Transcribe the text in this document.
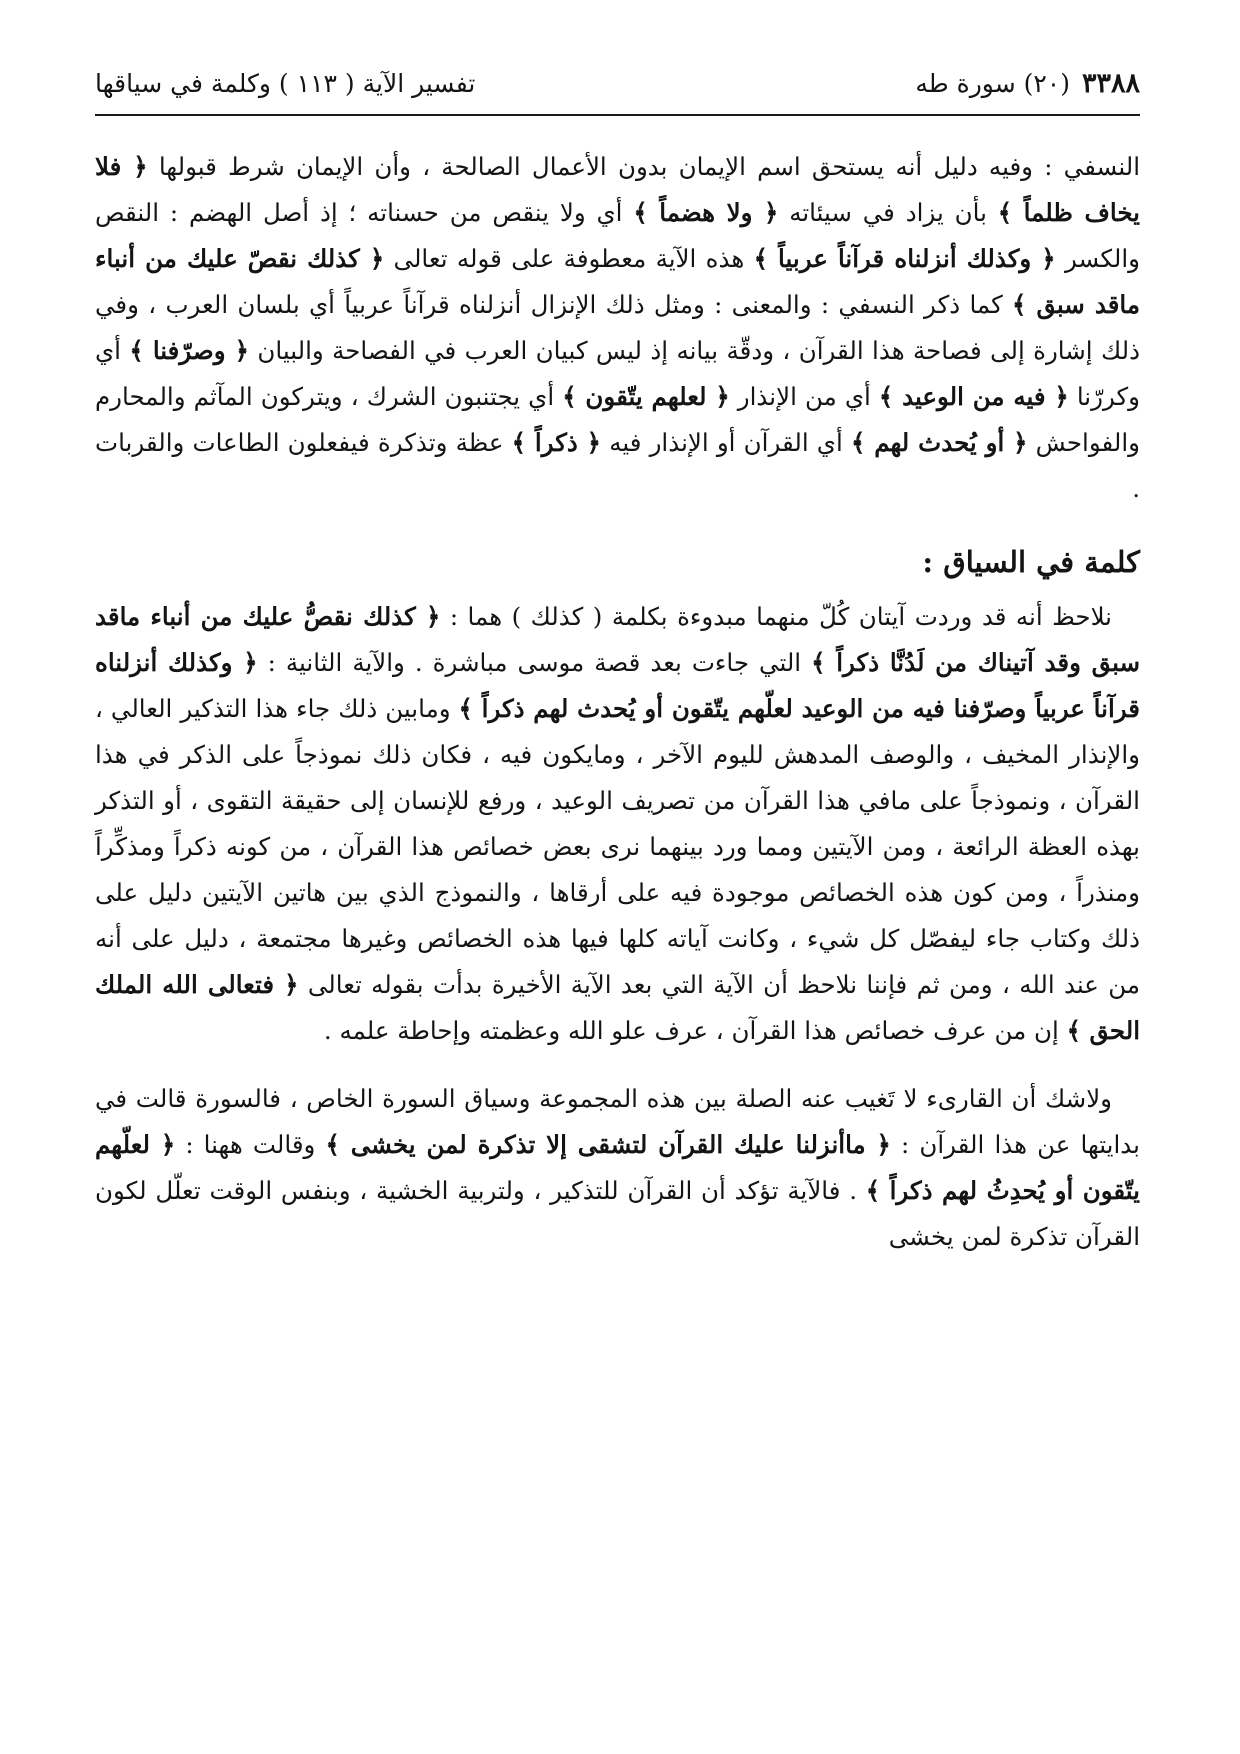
٣٣٨٨(٢٠) سورة طه
تفسير الآية ( ١١٣ ) وكلمة في سياقها

النسفي : وفيه دليل أنه يستحق اسم الإيمان بدون الأعمال الصالحة ، وأن الإيمان شرط قبولها ﴿ فلا يخاف ظلماً ﴾ بأن يزاد في سيئاته ﴿ ولا هضماً ﴾ أي ولا ينقص من حسناته ؛ إذ أصل الهضم : النقص والكسر ﴿ وكذلك أنزلناه قرآناً عربياً ﴾ هذه الآية معطوفة على قوله تعالى ﴿ كذلك نقصّ عليك من أنباء ماقد سبق ﴾ كما ذكر النسفي : والمعنى : ومثل ذلك الإنزال أنزلناه قرآناً عربياً أي بلسان العرب ، وفي ذلك إشارة إلى فصاحة هذا القرآن ، ودقّة بيانه إذ ليس كبيان العرب في الفصاحة والبيان ﴿ وصرّفنا ﴾ أي وكررّنا ﴿ فيه من الوعيد ﴾ أي من الإنذار ﴿ لعلهم يتّقون ﴾ أي يجتنبون الشرك ، ويتركون المآثم والمحارم والفواحش ﴿ أو يُحدث لهم ﴾ أي القرآن أو الإنذار فيه ﴿ ذكراً ﴾ عظة وتذكرة فيفعلون الطاعات والقربات .

كلمة في السياق :

نلاحظ أنه قد وردت آيتان كُلّ منهما مبدوءة بكلمة ( كذلك ) هما : ﴿ كذلك نقصُّ عليك من أنباء ماقد سبق وقد آتيناك من لَدُنَّا ذكراً ﴾ التي جاءت بعد قصة موسى مباشرة . والآية الثانية : ﴿ وكذلك أنزلناه قرآناً عربياً وصرّفنا فيه من الوعيد لعلّهم يتّقون أو يُحدث لهم ذكراً ﴾ ومابين ذلك جاء هذا التذكير العالي ، والإنذار المخيف ، والوصف المدهش لليوم الآخر ، ومايكون فيه ، فكان ذلك نموذجاً على الذكر في هذا القرآن ، ونموذجاً على مافي هذا القرآن من تصريف الوعيد ، ورفع للإنسان إلى حقيقة التقوى ، أو التذكر بهذه العظة الرائعة ، ومن الآيتين ومما ورد بينهما نرى بعض خصائص هذا القرآن ، من كونه ذكراً ومذكِّراً ومنذراً ، ومن كون هذه الخصائص موجودة فيه على أرقاها ، والنموذج الذي بين هاتين الآيتين دليل على ذلك وكتاب جاء ليفصّل كل شيء ، وكانت آياته كلها فيها هذه الخصائص وغيرها مجتمعة ، دليل على أنه من عند الله ، ومن ثم فإننا نلاحظ أن الآية التي بعد الآية الأخيرة بدأت بقوله تعالى ﴿ فتعالى الله الملك الحق ﴾ إن من عرف خصائص هذا القرآن ، عرف علو الله وعظمته وإحاطة علمه .

ولاشك أن القارىء لا تَغيب عنه الصلة بين هذه المجموعة وسياق السورة الخاص ، فالسورة قالت في بدايتها عن هذا القرآن : ﴿ ماأنزلنا عليك القرآن لتشقى إلا تذكرة لمن يخشى ﴾ وقالت ههنا : ﴿ لعلّهم يتّقون أو يُحدِثُ لهم ذكراً ﴾ . فالآية تؤكد أن القرآن للتذكير ، ولتربية الخشية ، وبنفس الوقت تعلّل لكون القرآن تذكرة لمن يخشى
